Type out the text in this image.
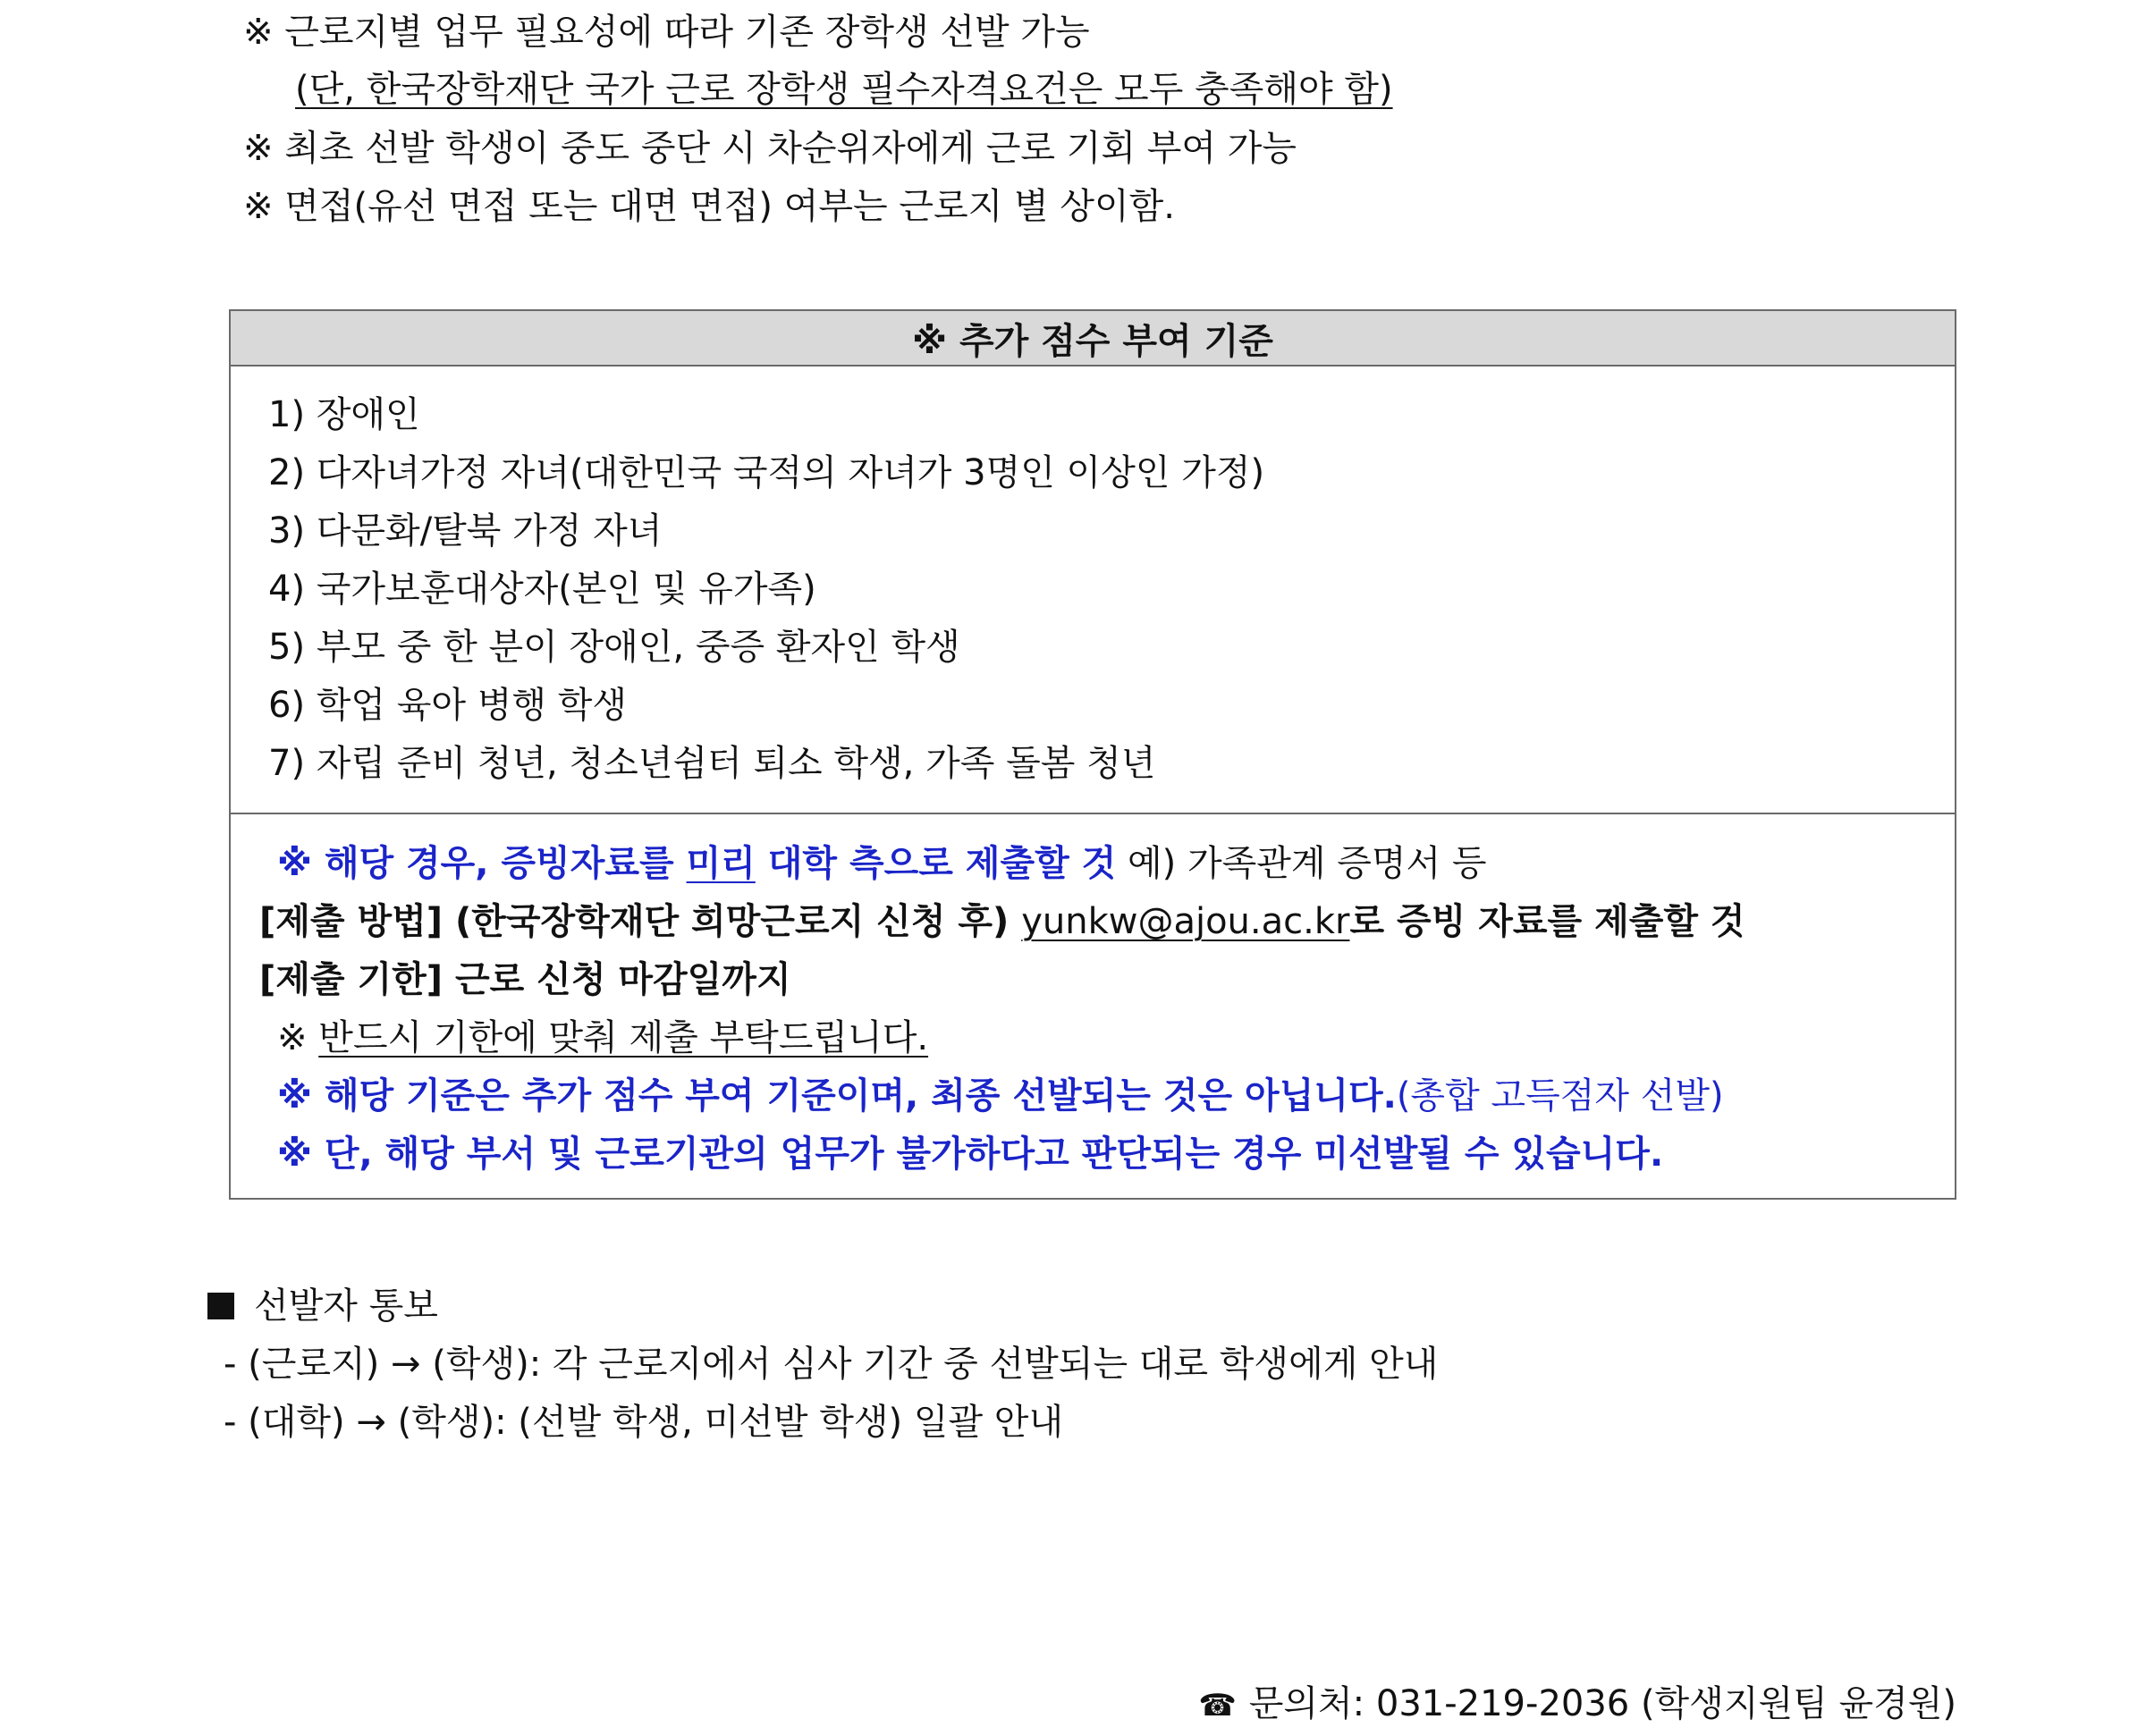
※ 근로지별 업무 필요성에 따라 기존 장학생 선발 가능
(단, 한국장학재단 국가 근로 장학생 필수자격요건은 모두 충족해야 함)
※ 최초 선발 학생이 중도 중단 시 차순위자에게 근로 기회 부여 가능
※ 면접(유선 면접 또는 대면 면접) 여부는 근로지 별 상이함.
※ 추가 점수 부여 기준
1) 장애인
2) 다자녀가정 자녀(대한민국 국적의 자녀가 3명인 이상인 가정)
3) 다문화/탈북 가정 자녀
4) 국가보훈대상자(본인 및 유가족)
5) 부모 중 한 분이 장애인, 중증 환자인 학생
6) 학업 육아 병행 학생
7) 자립 준비 청년, 청소년쉼터 퇴소 학생, 가족 돌봄 청년
※ 해당 경우, 증빙자료를 미리 대학 측으로 제출할 것 예) 가족관계 증명서 등
[제출 방법] (한국장학재단 희망근로지 신청 후) yunkw@ajou.ac.kr로 증빙 자료를 제출할 것
[제출 기한] 근로 신청 마감일까지
※ 반드시 기한에 맞춰 제출 부탁드립니다.
※ 해당 기준은 추가 점수 부여 기준이며, 최종 선발되는 것은 아닙니다.(총합 고득점자 선발)
※ 단, 해당 부서 및 근로기관의 업무가 불가하다고 판단되는 경우 미선발될 수 있습니다.
선발자 통보
- (근로지) → (학생): 각 근로지에서 심사 기간 중 선발되는 대로 학생에게 안내
- (대학) → (학생): (선발 학생, 미선발 학생) 일괄 안내
☎ 문의처: 031-219-2036 (학생지원팀 윤경원)
